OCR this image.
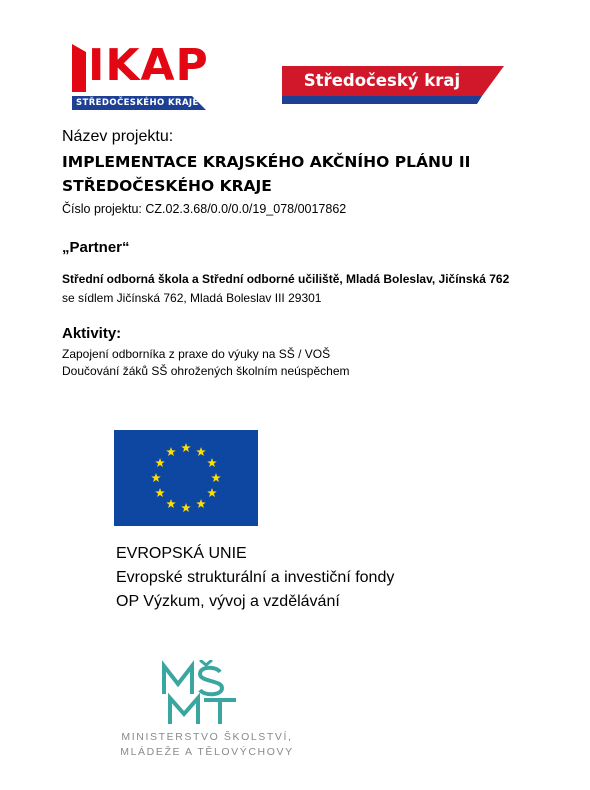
IKAP
STŘEDOČESKÉHO KRAJE
Středočeský kraj
Název projektu:
IMPLEMENTACE KRAJSKÉHO AKČNÍHO PLÁNU II
STŘEDOČESKÉHO KRAJE
Číslo projektu: CZ.02.3.68/0.0/0.0/19_078/0017862
„Partner“
Střední odborná škola a Střední odborné učiliště, Mladá Boleslav, Jičínská 762
se sídlem Jičínská 762, Mladá Boleslav III 29301
Aktivity:
Zapojení odborníka z praxe do výuky na SŠ / VOŠ
Doučování žáků SŠ ohrožených školním neúspěchem
EVROPSKÁ UNIE
Evropské strukturální a investiční fondy
OP Výzkum, vývoj a vzdělávání
MINISTERSTVO ŠKOLSTVÍ,
MLÁDEŽE A TĚLOVÝCHOVY
